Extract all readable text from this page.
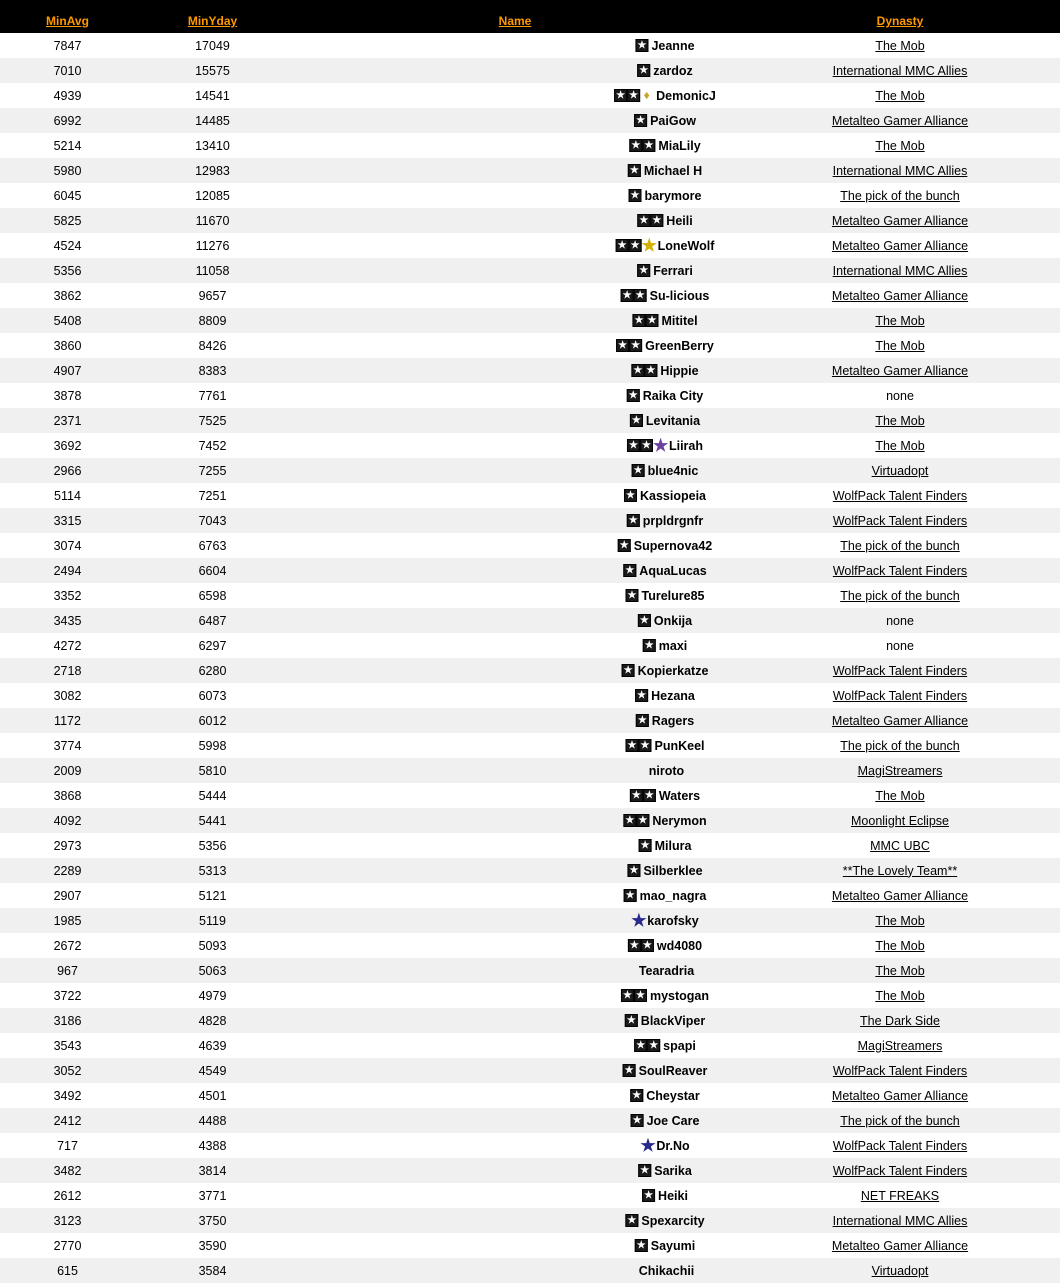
MinAvg	MinYday	Name	Dynasty
7847	17049	★ Jeanne	The Mob
7010	15575	★ zardoz	International MMC Allies
4939	14541	★ ★ ♦ DemonicJ	The Mob
6992	14485	★ PaiGow	Metalteo Gamer Alliance
5214	13410	★ ★ MiaLily	The Mob
5980	12983	★ Michael H	International MMC Allies
6045	12085	★ barymore	The pick of the bunch
5825	11670	★ ★ Heili	Metalteo Gamer Alliance
4524	11276	★ ★ ★ LoneWolf	Metalteo Gamer Alliance
5356	11058	★ Ferrari	International MMC Allies
3862	9657	★ ★ Su-licious	Metalteo Gamer Alliance
5408	8809	★ ★ Mititel	The Mob
3860	8426	★ ★ GreenBerry	The Mob
4907	8383	★ ★ Hippie	Metalteo Gamer Alliance
3878	7761	★ Raika City	none
2371	7525	★ Levitania	The Mob
3692	7452	★ ★ ★ Liirah	The Mob
2966	7255	★ blue4nic	Virtuadopt
5114	7251	★ Kassiopeia	WolfPack Talent Finders
3315	7043	★ prpldrgnfr	WolfPack Talent Finders
3074	6763	★ Supernova42	The pick of the bunch
2494	6604	★ AquaLucas	WolfPack Talent Finders
3352	6598	★ Turelure85	The pick of the bunch
3435	6487	★ Onkija	none
4272	6297	★ maxi	none
2718	6280	★ Kopierkatze	WolfPack Talent Finders
3082	6073	★ Hezana	WolfPack Talent Finders
1172	6012	★ Ragers	Metalteo Gamer Alliance
3774	5998	★ ★ PunKeel	The pick of the bunch
2009	5810	niroto	MagiStreamers
3868	5444	★ ★ Waters	The Mob
4092	5441	★ ★ Nerymon	Moonlight Eclipse
2973	5356	★ Milura	MMC UBC
2289	5313	★ Silberklee	**The Lovely Team**
2907	5121	★ mao_nagra	Metalteo Gamer Alliance
1985	5119	★ karofsky	The Mob
2672	5093	★ ★ wd4080	The Mob
967	5063	Tearadria	The Mob
3722	4979	★ ★ mystogan	The Mob
3186	4828	★ BlackViper	The Dark Side
3543	4639	★ ★ spapi	MagiStreamers
3052	4549	★ SoulReaver	WolfPack Talent Finders
3492	4501	★ Cheystar	Metalteo Gamer Alliance
2412	4488	★ Joe Care	The pick of the bunch
717	4388	★ Dr.No	WolfPack Talent Finders
3482	3814	★ Sarika	WolfPack Talent Finders
2612	3771	★ Heiki	NET FREAKS
3123	3750	★ Spexarcity	International MMC Allies
2770	3590	★ Sayumi	Metalteo Gamer Alliance
615	3584	Chikachii	Virtuadopt
